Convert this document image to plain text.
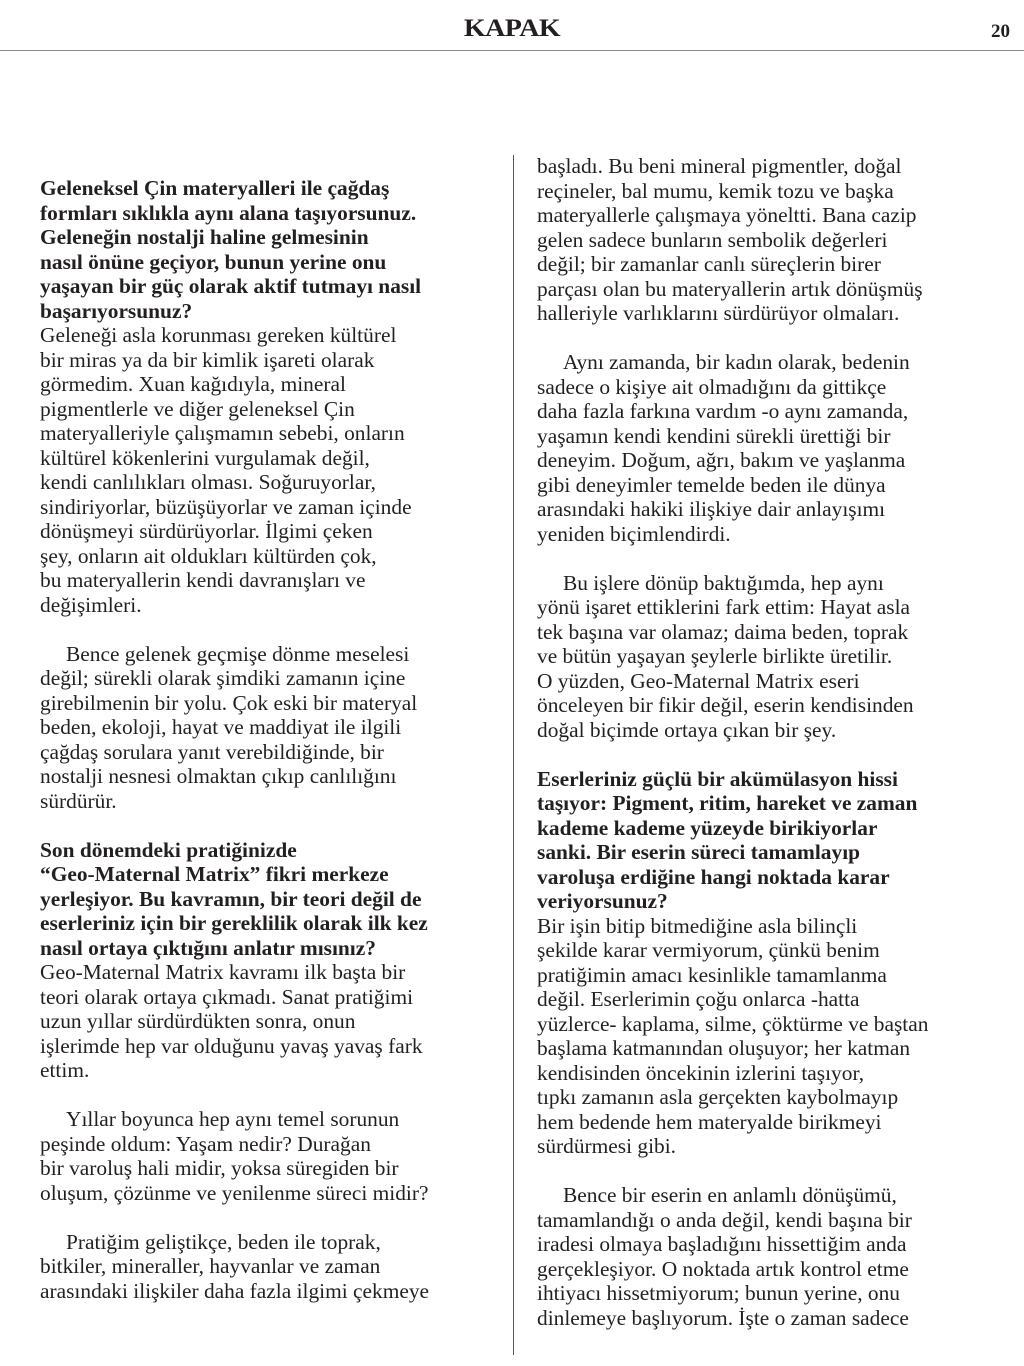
KAPAK	20

Geleneksel Çin materyalleri ile çağdaş
formları sıklıkla aynı alana taşıyorsunuz.
Geleneğin nostalji haline gelmesinin
nasıl önüne geçiyor, bunun yerine onu
yaşayan bir güç olarak aktif tutmayı nasıl
başarıyorsunuz?

Geleneği asla korunması gereken kültürel
bir miras ya da bir kimlik işareti olarak
görmedim. Xuan kağıdıyla, mineral
pigmentlerle ve diğer geleneksel Çin
materyalleriyle çalışmamın sebebi, onların
kültürel kökenlerini vurgulamak değil,
kendi canlılıkları olması. Soğuruyorlar,
sindiriyorlar, büzüşüyorlar ve zaman içinde
dönüşmeyi sürdürüyorlar. İlgimi çeken
şey, onların ait oldukları kültürden çok,
bu materyallerin kendi davranışları ve
değişimleri.

Bence gelenek geçmişe dönme meselesi
değil; sürekli olarak şimdiki zamanın içine
girebilmenin bir yolu. Çok eski bir materyal
beden, ekoloji, hayat ve maddiyat ile ilgili
çağdaş sorulara yanıt verebildiğinde, bir
nostalji nesnesi olmaktan çıkıp canlılığını
sürdürür.

Son dönemdeki pratiğinizde
“Geo-Maternal Matrix” fikri merkeze
yerleşiyor. Bu kavramın, bir teori değil de
eserleriniz için bir gereklilik olarak ilk kez
nasıl ortaya çıktığını anlatır mısınız?

Geo-Maternal Matrix kavramı ilk başta bir
teori olarak ortaya çıkmadı. Sanat pratiğimi
uzun yıllar sürdürdükten sonra, onun
işlerimde hep var olduğunu yavaş yavaş fark
ettim.

Yıllar boyunca hep aynı temel sorunun
peşinde oldum: Yaşam nedir? Durağan
bir varoluş hali midir, yoksa süregiden bir
oluşum, çözünme ve yenilenme süreci midir?

Pratiğim geliştikçe, beden ile toprak,
bitkiler, mineraller, hayvanlar ve zaman
arasındaki ilişkiler daha fazla ilgimi çekmeye

başladı. Bu beni mineral pigmentler, doğal
reçineler, bal mumu, kemik tozu ve başka
materyallerle çalışmaya yöneltti. Bana cazip
gelen sadece bunların sembolik değerleri
değil; bir zamanlar canlı süreçlerin birer
parçası olan bu materyallerin artık dönüşmüş
halleriyle varlıklarını sürdürüyor olmaları.

Aynı zamanda, bir kadın olarak, bedenin
sadece o kişiye ait olmadığını da gittikçe
daha fazla farkına vardım -o aynı zamanda,
yaşamın kendi kendini sürekli ürettiği bir
deneyim. Doğum, ağrı, bakım ve yaşlanma
gibi deneyimler temelde beden ile dünya
arasındaki hakiki ilişkiye dair anlayışımı
yeniden biçimlendirdi.

Bu işlere dönüp baktığımda, hep aynı
yönü işaret ettiklerini fark ettim: Hayat asla
tek başına var olamaz; daima beden, toprak
ve bütün yaşayan şeylerle birlikte üretilir.
O yüzden, Geo-Maternal Matrix eseri
önceleyen bir fikir değil, eserin kendisinden
doğal biçimde ortaya çıkan bir şey.

Eserleriniz güçlü bir akümülasyon hissi
taşıyor: Pigment, ritim, hareket ve zaman
kademe kademe yüzeyde birikiyorlar
sanki. Bir eserin süreci tamamlayıp
varoluşa erdiğine hangi noktada karar
veriyorsunuz?

Bir işin bitip bitmediğine asla bilinçli
şekilde karar vermiyorum, çünkü benim
pratiğimin amacı kesinlikle tamamlanma
değil. Eserlerimin çoğu onlarca -hatta
yüzlerce- kaplama, silme, çöktürme ve baştan
başlama katmanından oluşuyor; her katman
kendisinden öncekinin izlerini taşıyor,
tıpkı zamanın asla gerçekten kaybolmayıp
hem bedende hem materyalde birikmeyi
sürdürmesi gibi.

Bence bir eserin en anlamlı dönüşümü,
tamamlandığı o anda değil, kendi başına bir
iradesi olmaya başladığını hissettiğim anda
gerçekleşiyor. O noktada artık kontrol etme
ihtiyacı hissetmiyorum; bunun yerine, onu
dinlemeye başlıyorum. İşte o zaman sadece
